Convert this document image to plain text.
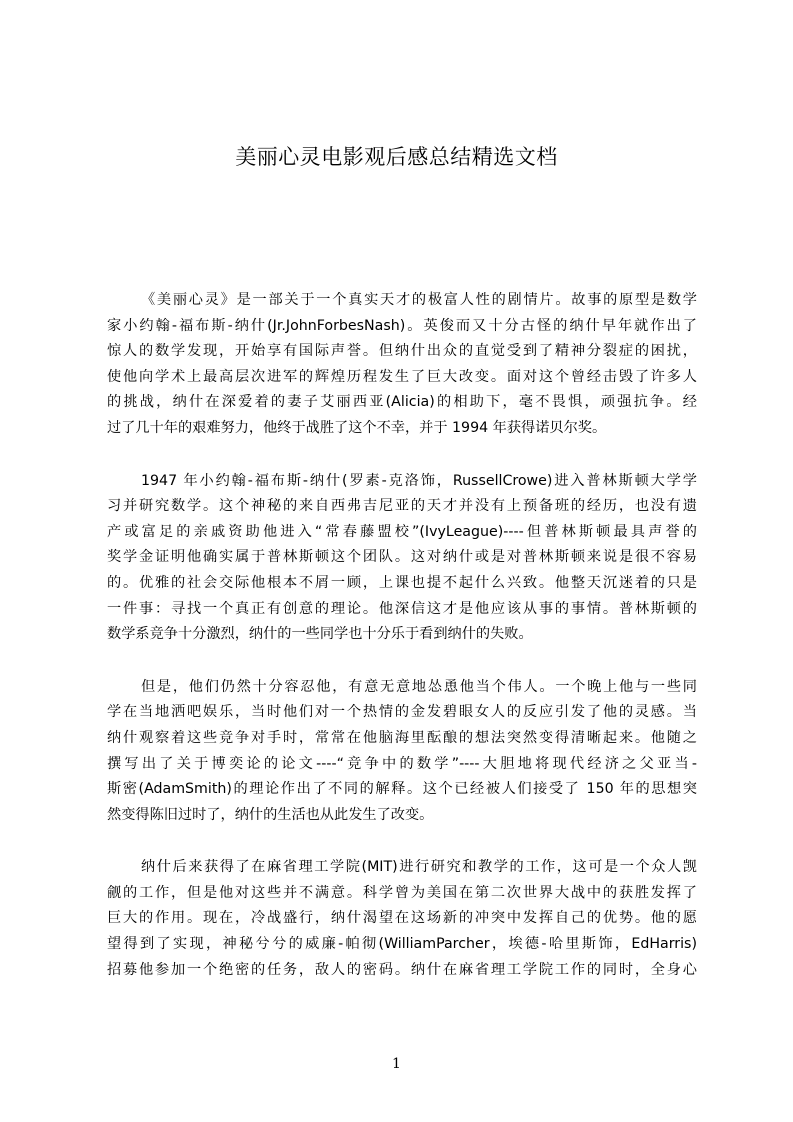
美丽心灵电影观后感总结精选文档
《美丽心灵》是一部关于一个真实天才的极富人性的剧情片。故事的原型是数学
家小约翰-福布斯-纳什(Jr.JohnForbesNash)。英俊而又十分古怪的纳什早年就作出了
惊人的数学发现，开始享有国际声誉。但纳什出众的直觉受到了精神分裂症的困扰，
使他向学术上最高层次进军的辉煌历程发生了巨大改变。面对这个曾经击毁了许多人
的挑战，纳什在深爱着的妻子艾丽西亚(Alicia)的相助下，毫不畏惧，顽强抗争。经
过了几十年的艰难努力，他终于战胜了这个不幸，并于 1994 年获得诺贝尔奖。
1947 年小约翰-福布斯-纳什(罗素-克洛饰，RussellCrowe)进入普林斯顿大学学
习并研究数学。这个神秘的来自西弗吉尼亚的天才并没有上预备班的经历，也没有遗
产或富足的亲戚资助他进入“常春藤盟校”(IvyLeague)----但普林斯顿最具声誉的
奖学金证明他确实属于普林斯顿这个团队。这对纳什或是对普林斯顿来说是很不容易
的。优雅的社会交际他根本不屑一顾，上课也提不起什么兴致。他整天沉迷着的只是
一件事：寻找一个真正有创意的理论。他深信这才是他应该从事的事情。普林斯顿的
数学系竞争十分激烈，纳什的一些同学也十分乐于看到纳什的失败。
但是，他们仍然十分容忍他，有意无意地怂恿他当个伟人。一个晚上他与一些同
学在当地洒吧娱乐，当时他们对一个热情的金发碧眼女人的反应引发了他的灵感。当
纳什观察着这些竞争对手时，常常在他脑海里酝酿的想法突然变得清晰起来。他随之
撰写出了关于博奕论的论文----“竞争中的数学”----大胆地将现代经济之父亚当-
斯密(AdamSmith)的理论作出了不同的解释。这个已经被人们接受了 150 年的思想突
然变得陈旧过时了，纳什的生活也从此发生了改变。
纳什后来获得了在麻省理工学院(MIT)进行研究和教学的工作，这可是一个众人觊
觎的工作，但是他对这些并不满意。科学曾为美国在第二次世界大战中的获胜发挥了
巨大的作用。现在，冷战盛行，纳什渴望在这场新的冲突中发挥自己的优势。他的愿
望得到了实现，神秘兮兮的威廉-帕彻(WilliamParcher，埃德-哈里斯饰，EdHarris)
招募他参加一个绝密的任务，敌人的密码。纳什在麻省理工学院工作的同时，全身心
1
